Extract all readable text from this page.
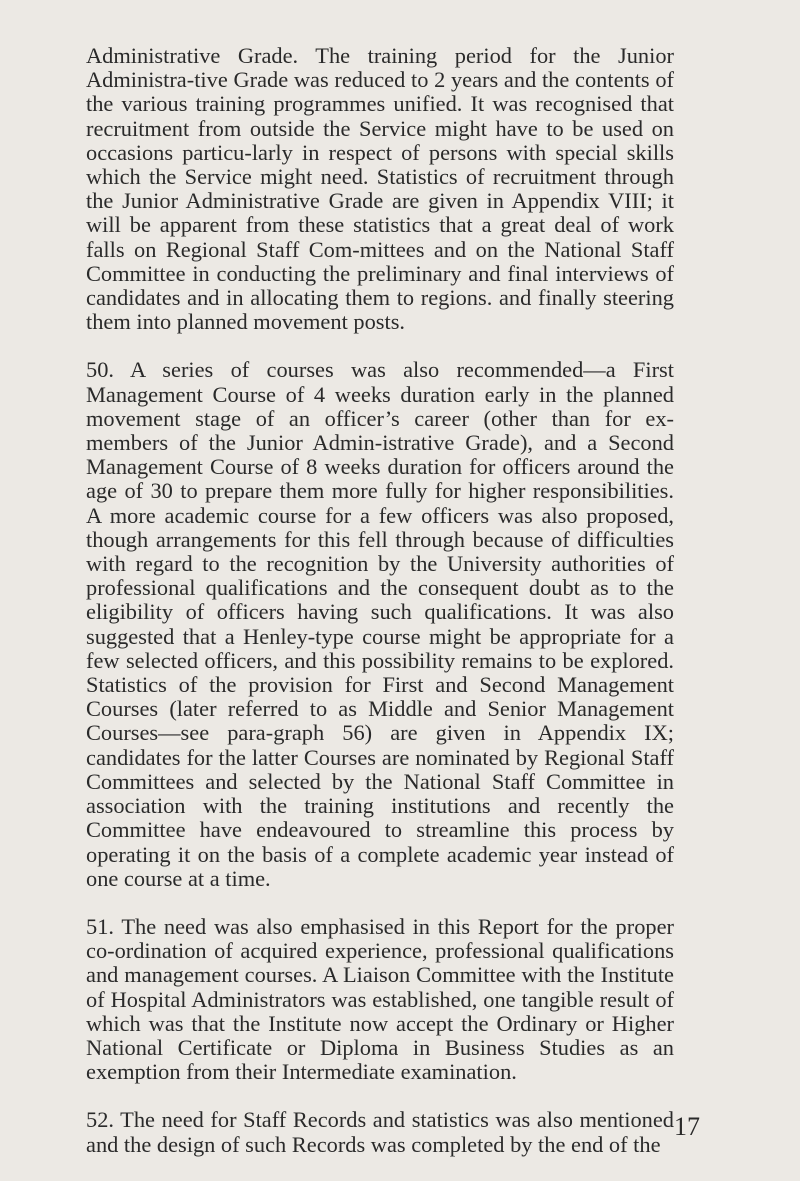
Administrative Grade. The training period for the Junior Administra-tive Grade was reduced to 2 years and the contents of the various training programmes unified. It was recognised that recruitment from outside the Service might have to be used on occasions particu-larly in respect of persons with special skills which the Service might need. Statistics of recruitment through the Junior Administrative Grade are given in Appendix VIII; it will be apparent from these statistics that a great deal of work falls on Regional Staff Com-mittees and on the National Staff Committee in conducting the preliminary and final interviews of candidates and in allocating them to regions. and finally steering them into planned movement posts.

50. A series of courses was also recommended—a First Management Course of 4 weeks duration early in the planned movement stage of an officer’s career (other than for ex-members of the Junior Admin-istrative Grade), and a Second Management Course of 8 weeks duration for officers around the age of 30 to prepare them more fully for higher responsibilities. A more academic course for a few officers was also proposed, though arrangements for this fell through because of difficulties with regard to the recognition by the University authorities of professional qualifications and the consequent doubt as to the eligibility of officers having such qualifications. It was also suggested that a Henley-type course might be appropriate for a few selected officers, and this possibility remains to be explored. Statistics of the provision for First and Second Management Courses (later referred to as Middle and Senior Management Courses—see para-graph 56) are given in Appendix IX; candidates for the latter Courses are nominated by Regional Staff Committees and selected by the National Staff Committee in association with the training institutions and recently the Committee have endeavoured to streamline this process by operating it on the basis of a complete academic year instead of one course at a time.

51. The need was also emphasised in this Report for the proper co-ordination of acquired experience, professional qualifications and management courses. A Liaison Committee with the Institute of Hospital Administrators was established, one tangible result of which was that the Institute now accept the Ordinary or Higher National Certificate or Diploma in Business Studies as an exemption from their Intermediate examination.

52. The need for Staff Records and statistics was also mentioned and the design of such Records was completed by the end of the

17
